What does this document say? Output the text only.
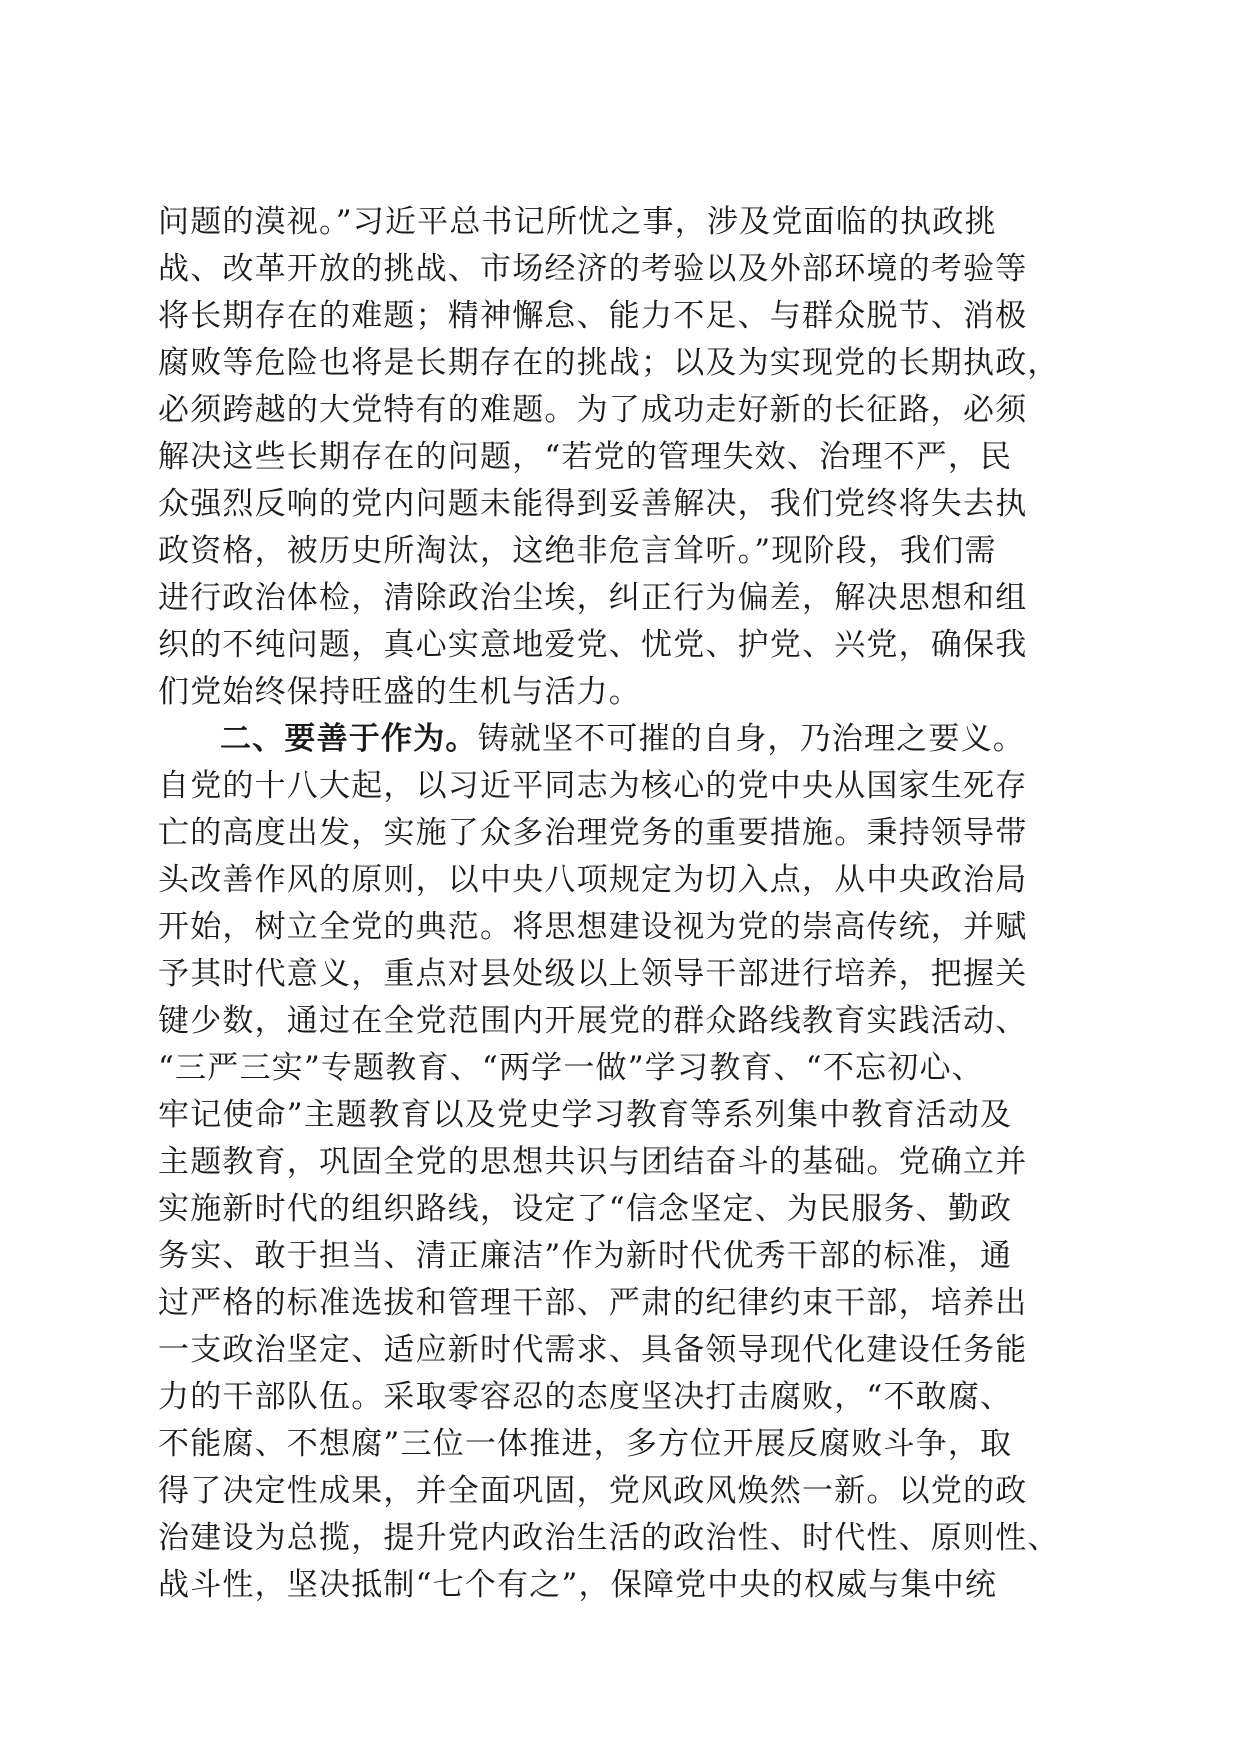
问题的漠视。”习近平总书记所忧之事，涉及党面临的执政挑
战、改革开放的挑战、市场经济的考验以及外部环境的考验等
将长期存在的难题；精神懈怠、能力不足、与群众脱节、消极
腐败等危险也将是长期存在的挑战；以及为实现党的长期执政，
必须跨越的大党特有的难题。为了成功走好新的长征路，必须
解决这些长期存在的问题，“若党的管理失效、治理不严，民
众强烈反响的党内问题未能得到妥善解决，我们党终将失去执
政资格，被历史所淘汰，这绝非危言耸听。”现阶段，我们需
进行政治体检，清除政治尘埃，纠正行为偏差，解决思想和组
织的不纯问题，真心实意地爱党、忧党、护党、兴党，确保我
们党始终保持旺盛的生机与活力。
二、要善于作为。铸就坚不可摧的自身，乃治理之要义。
自党的十八大起，以习近平同志为核心的党中央从国家生死存
亡的高度出发，实施了众多治理党务的重要措施。秉持领导带
头改善作风的原则，以中央八项规定为切入点，从中央政治局
开始，树立全党的典范。将思想建设视为党的崇高传统，并赋
予其时代意义，重点对县处级以上领导干部进行培养，把握关
键少数，通过在全党范围内开展党的群众路线教育实践活动、
“三严三实”专题教育、“两学一做”学习教育、“不忘初心、
牢记使命”主题教育以及党史学习教育等系列集中教育活动及
主题教育，巩固全党的思想共识与团结奋斗的基础。党确立并
实施新时代的组织路线，设定了“信念坚定、为民服务、勤政
务实、敢于担当、清正廉洁”作为新时代优秀干部的标准，通
过严格的标准选拔和管理干部、严肃的纪律约束干部，培养出
一支政治坚定、适应新时代需求、具备领导现代化建设任务能
力的干部队伍。采取零容忍的态度坚决打击腐败，“不敢腐、
不能腐、不想腐”三位一体推进，多方位开展反腐败斗争，取
得了决定性成果，并全面巩固，党风政风焕然一新。以党的政
治建设为总揽，提升党内政治生活的政治性、时代性、原则性、
战斗性，坚决抵制“七个有之”，保障党中央的权威与集中统
